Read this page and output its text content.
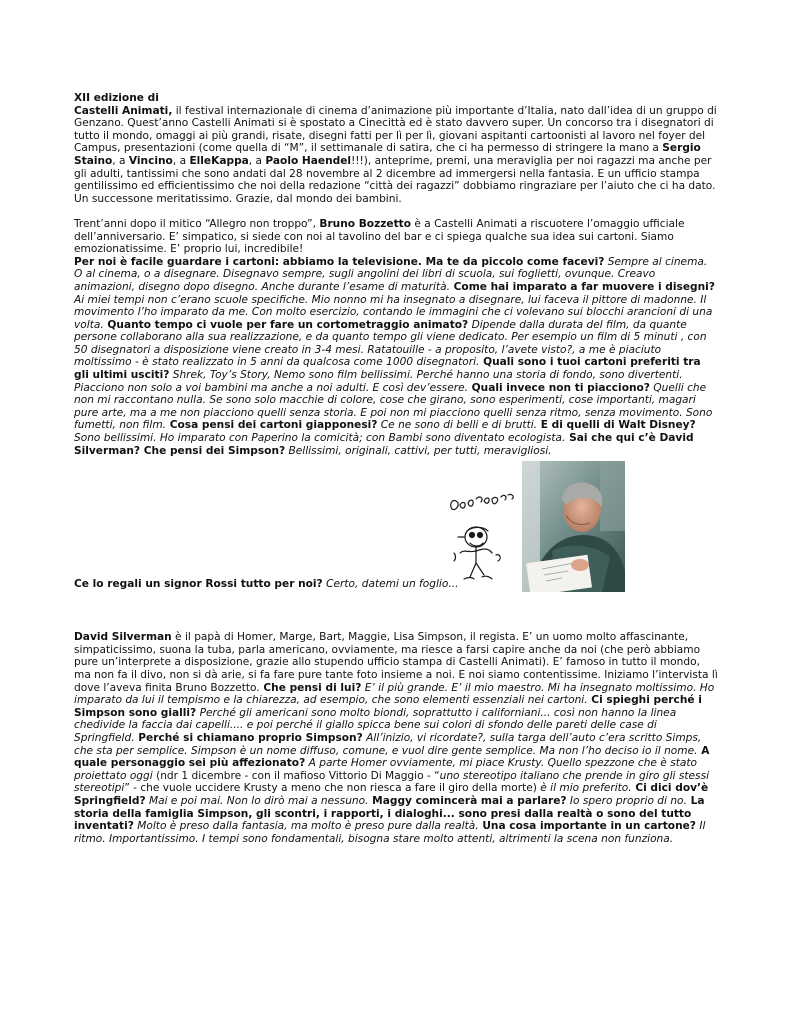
XII edizione di
Castelli Animati, il festival internazionale di cinema d’animazione più importante d’Italia, nato dall’idea di un gruppo di Genzano. Quest’anno Castelli Animati si è spostato a Cinecittà ed è stato davvero super. Un concorso tra i disegnatori di tutto il mondo, omaggi ai più grandi, risate, disegni fatti per lì per lì, giovani aspitanti cartoonisti al lavoro nel foyer del Campus, presentazioni (come quella di “M”, il settimanale di satira, che ci ha permesso di stringere la mano a Sergio Staino, a Vincino, a ElleKappa, a Paolo Haendel!!!), anteprime, premi, una meraviglia per noi ragazzi ma anche per gli adulti, tantissimi che sono andati dal 28 novembre al 2 dicembre ad immergersi nella fantasia. E un ufficio stampa gentilissimo ed efficientissimo che noi della redazione “città dei ragazzi” dobbiamo ringraziare per l’aiuto che ci ha dato. Un successone meritatissimo. Grazie, dal mondo dei bambini.

Trent’anni dopo il mitico “Allegro non troppo”, Bruno Bozzetto è a Castelli Animati a riscuotere l’omaggio ufficiale dell’anniversario. E’ simpatico, si siede con noi al tavolino del bar e ci spiega qualche sua idea sui cartoni. Siamo emozionatissime. E’ proprio lui, incredibile!

Per noi è facile guardare i cartoni: abbiamo la televisione. Ma te da piccolo come facevi? Sempre al cinema. O al cinema, o a disegnare. Disegnavo sempre, sugli angolini dei libri di scuola, sui foglietti, ovunque. Creavo animazioni, disegno dopo disegno. Anche durante l’esame di maturità. Come hai imparato a far muovere i disegni? Ai miei tempi non c’erano scuole specifiche. Mio nonno mi ha insegnato a disegnare, lui faceva il pittore di madonne. Il movimento l’ho imparato da me. Con molto esercizio, contando le immagini che ci volevano sui blocchi arancioni di una volta. Quanto tempo ci vuole per fare un cortometraggio animato? Dipende dalla durata del film, da quante persone collaborano alla sua realizzazione, e da quanto tempo gli viene dedicato. Per esempio un film di 5 minuti , con 50 disegnatori a disposizione viene creato in 3-4 mesi. Ratatouille - a proposito, l’avete visto?, a me è piaciuto moltissimo - è stato realizzato in 5 anni da qualcosa come 1000 disegnatori. Quali sono i tuoi cartoni preferiti tra gli ultimi usciti? Shrek, Toy’s Story, Nemo sono film bellissimi. Perché hanno una storia di fondo, sono divertenti. Piacciono non solo a voi bambini ma anche a noi adulti. E così dev’essere. Quali invece non ti piacciono? Quelli che non mi raccontano nulla. Se sono solo macchie di colore, cose che girano, sono esperimenti, cose importanti, magari pure arte, ma a me non piacciono quelli senza storia. E poi non mi piacciono quelli senza ritmo, senza movimento. Sono fumetti, non film. Cosa pensi dei cartoni giapponesi? Ce ne sono di belli e di brutti. E di quelli di Walt Disney? Sono bellissimi. Ho imparato con Paperino la comicità; con Bambi sono diventato ecologista. Sai che qui c’è David Silverman? Che pensi dei Simpson? Bellissimi, originali, cattivi, per tutti, meravigliosi.

Ce lo regali un signor Rossi tutto per noi? Certo, datemi un foglio...

David Silverman è il papà di Homer, Marge, Bart, Maggie, Lisa Simpson, il regista. E’ un uomo molto affascinante, simpaticissimo, suona la tuba, parla americano, ovviamente, ma riesce a farsi capire anche da noi (che però abbiamo pure un’interprete a disposizione, grazie allo stupendo ufficio stampa di Castelli Animati). E’ famoso in tutto il mondo, ma non fa il divo, non si dà arie, si fa fare pure tante foto insieme a noi. E noi siamo contentissime. Iniziamo l’intervista lì dove l’aveva finita Bruno Bozzetto. Che pensi di lui? E’ il più grande. E’ il mio maestro. Mi ha insegnato moltissimo. Ho imparato da lui il tempismo e la chiarezza, ad esempio, che sono elementi essenziali nei cartoni. Ci spieghi perché i Simpson sono gialli? Perché gli americani sono molto biondi, soprattutto i californiani... così non hanno la linea chedivide la faccia dai capelli.... e poi perché il giallo spicca bene sui colori di sfondo delle pareti delle case di Springfield. Perché si chiamano proprio Simpson? All’inizio, vi ricordate?, sulla targa dell’auto c’era scritto Simps, che sta per semplice. Simpson è un nome diffuso, comune, e vuol dire gente semplice. Ma non l’ho deciso io il nome. A quale personaggio sei più affezionato? A parte Homer ovviamente, mi piace Krusty. Quello spezzone che è stato proiettato oggi (ndr 1 dicembre - con il mafioso Vittorio Di Maggio - “uno stereotipo italiano che prende in giro gli stessi stereotipi” - che vuole uccidere Krusty a meno che non riesca a fare il giro della morte) è il mio preferito. Ci dici dov’è Springfield? Mai e poi mai. Non lo dirò mai a nessuno. Maggy comincerà mai a parlare? Io spero proprio di no. La storia della famiglia Simpson, gli scontri, i rapporti, i dialoghi... sono presi dalla realtà o sono del tutto inventati? Molto è preso dalla fantasia, ma molto è preso pure dalla realtà. Una cosa importante in un cartone? Il ritmo. Importantissimo. I tempi sono fondamentali, bisogna stare molto attenti, altrimenti la scena non funziona.
